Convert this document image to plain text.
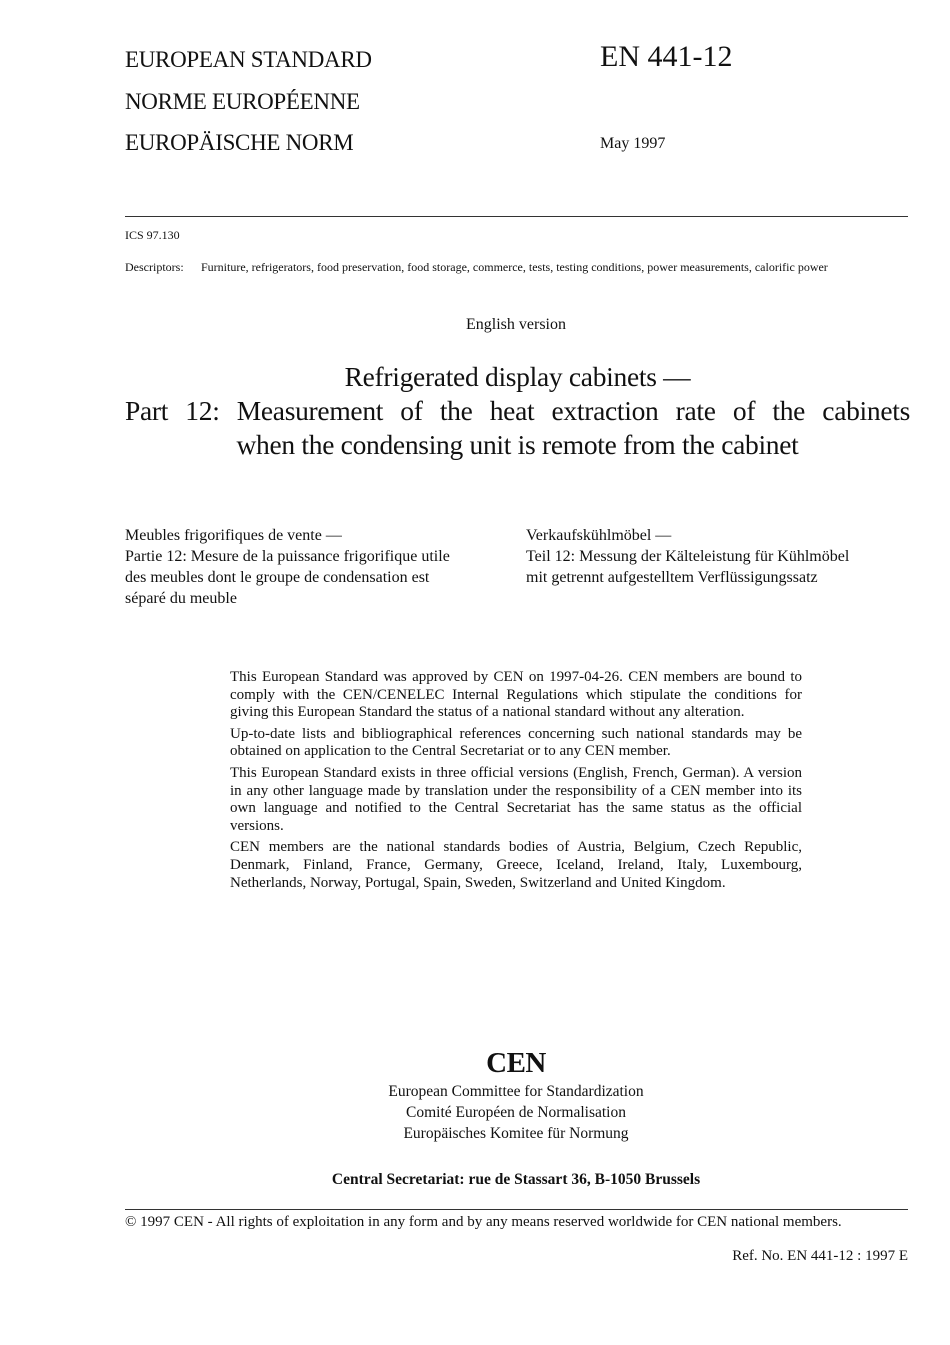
EUROPEAN STANDARD
NORME EUROPÉENNE
EUROPÄISCHE NORM
EN 441-12
May 1997
ICS 97.130
Descriptors:	Furniture, refrigerators, food preservation, food storage, commerce, tests, testing conditions, power measurements, calorific power
English version
Refrigerated display cabinets —
Part 12: Measurement of the heat extraction rate of the cabinets
when the condensing unit is remote from the cabinet
Meubles frigorifiques de vente —
Partie 12: Mesure de la puissance frigorifique utile
des meubles dont le groupe de condensation est
séparé du meuble
Verkaufskühlmöbel —
Teil 12: Messung der Kälteleistung für Kühlmöbel
mit getrennt aufgestelltem Verflüssigungssatz

This European Standard was approved by CEN on 1997-04-26. CEN members are bound to comply with the CEN/CENELEC Internal Regulations which stipulate the conditions for giving this European Standard the status of a national standard without any alteration.

Up-to-date lists and bibliographical references concerning such national standards may be obtained on application to the Central Secretariat or to any CEN member.

This European Standard exists in three official versions (English, French, German). A version in any other language made by translation under the responsibility of a CEN member into its own language and notified to the Central Secretariat has the same status as the official versions.

CEN members are the national standards bodies of Austria, Belgium, Czech Republic, Denmark, Finland, France, Germany, Greece, Iceland, Ireland, Italy, Luxembourg, Netherlands, Norway, Portugal, Spain, Sweden, Switzerland and United Kingdom.

CEN
European Committee for Standardization
Comité Européen de Normalisation
Europäisches Komitee für Normung
Central Secretariat: rue de Stassart 36, B-1050 Brussels
© 1997 CEN - All rights of exploitation in any form and by any means reserved worldwide for CEN national members.
Ref. No. EN 441-12 : 1997 E
